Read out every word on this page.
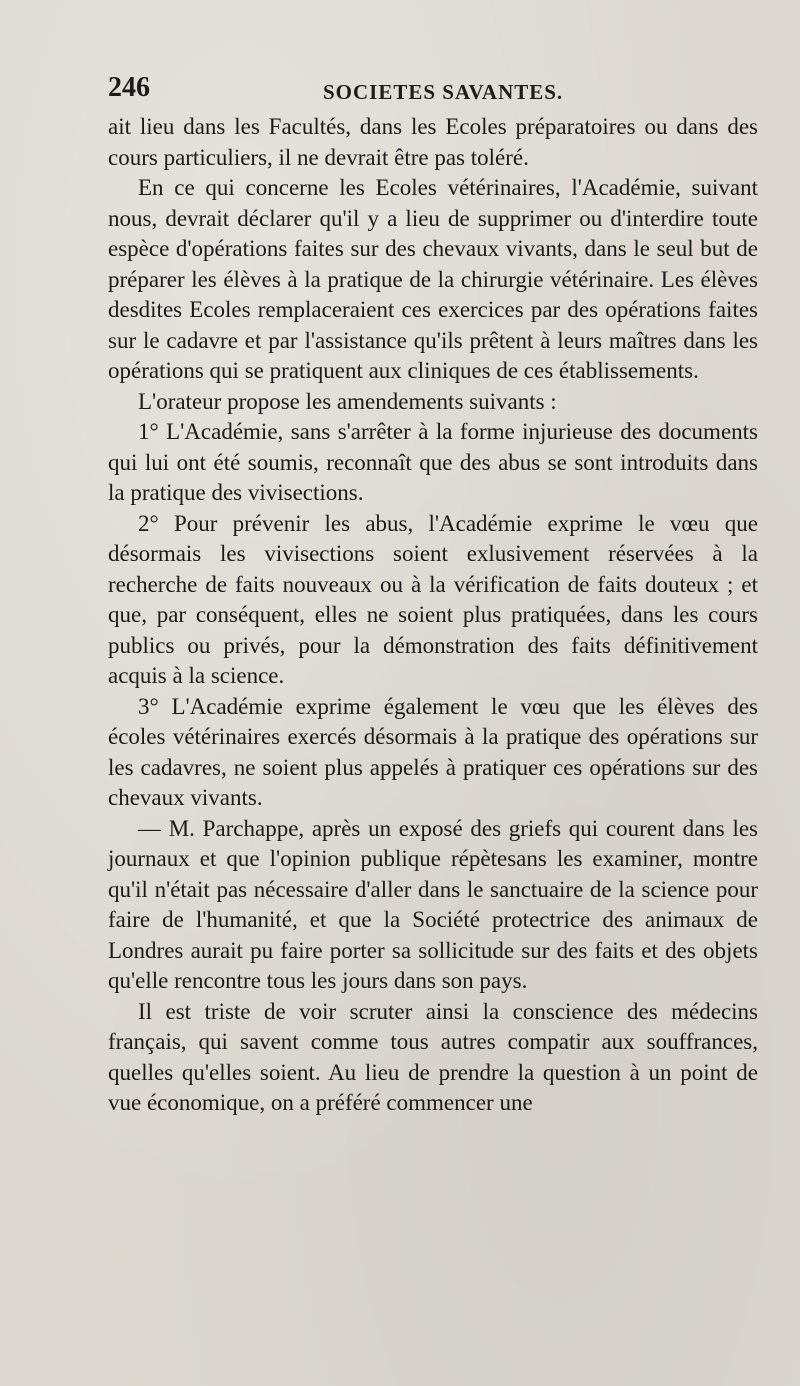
246	SOCIETES SAVANTES.

ait lieu dans les Facultés, dans les Ecoles préparatoires ou dans des cours particuliers, il ne devrait être pas toléré.

En ce qui concerne les Ecoles vétérinaires, l'Académie, suivant nous, devrait déclarer qu'il y a lieu de supprimer ou d'interdire toute espèce d'opérations faites sur des chevaux vivants, dans le seul but de préparer les élèves à la pratique de la chirurgie vétérinaire. Les élèves desdites Ecoles remplaceraient ces exercices par des opérations faites sur le cadavre et par l'assistance qu'ils prêtent à leurs maîtres dans les opérations qui se pratiquent aux cliniques de ces établissements.

L'orateur propose les amendements suivants :

1° L'Académie, sans s'arrêter à la forme injurieuse des documents qui lui ont été soumis, reconnaît que des abus se sont introduits dans la pratique des vivisections.

2° Pour prévenir les abus, l'Académie exprime le vœu que désormais les vivisections soient exlusivement réservées à la recherche de faits nouveaux ou à la vérification de faits douteux ; et que, par conséquent, elles ne soient plus pratiquées, dans les cours publics ou privés, pour la démonstration des faits définitivement acquis à la science.

3° L'Académie exprime également le vœu que les élèves des écoles vétérinaires exercés désormais à la pratique des opérations sur les cadavres, ne soient plus appelés à pratiquer ces opérations sur des chevaux vivants.

— M. Parchappe, après un exposé des griefs qui courent dans les journaux et que l'opinion publique répètesans les examiner, montre qu'il n'était pas nécessaire d'aller dans le sanctuaire de la science pour faire de l'humanité, et que la Société protectrice des animaux de Londres aurait pu faire porter sa sollicitude sur des faits et des objets qu'elle rencontre tous les jours dans son pays.

Il est triste de voir scruter ainsi la conscience des médecins français, qui savent comme tous autres compatir aux souffrances, quelles qu'elles soient. Au lieu de prendre la question à un point de vue économique, on a préféré commencer une
